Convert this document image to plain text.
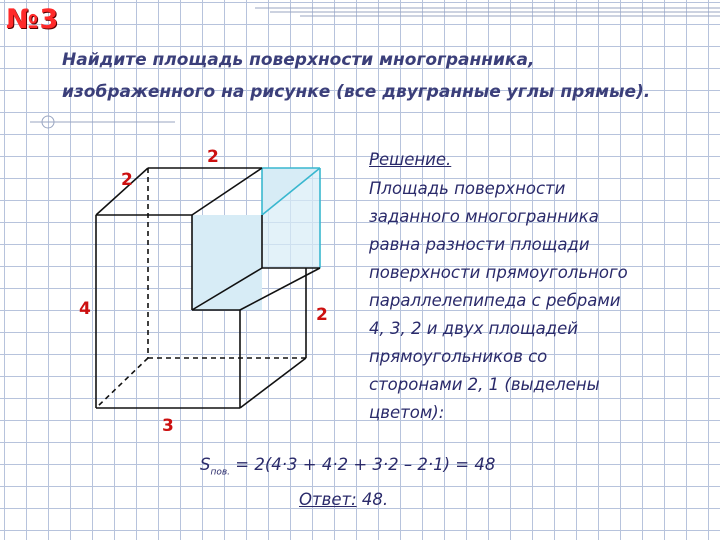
№3
Найдите площадь поверхности многогранника,
изображенного на рисунке (все двугранные углы прямые).
2
2
4	2
3
Решение.
Площадь поверхности
заданного многогранника
равна разности площади
поверхности прямоугольного
параллелепипеда с ребрами
4, 3, 2 и двух площадей
прямоугольников со
сторонами 2, 1 (выделены
цветом):
$S_{пов.} = 2(4\cdot 3 + 4\cdot 2 + 3\cdot 2 - 2\cdot 1) = 48$
Ответ: 48.
